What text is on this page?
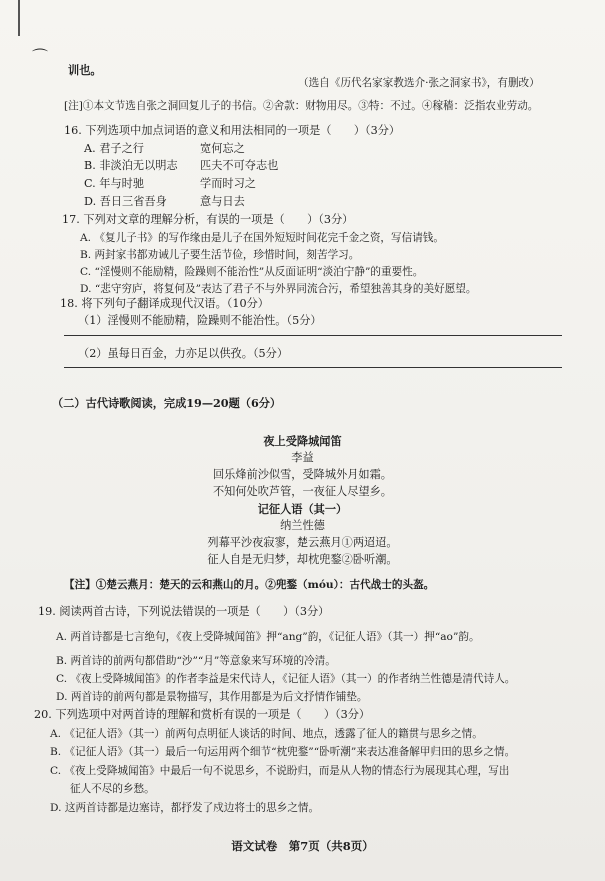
⌒
训也。
（选自《历代名家家教选介·张之洞家书》，有删改）
[注]①本文节选自张之洞回复儿子的书信。②舍款：财物用尽。③特：不过。④稼穑：泛指农业劳动。
16. 下列选项中加点词语的意义和用法相同的一项是（　　）（3分）
A. 君子之行	宽何忘之
B. 非淡泊无以明志 匹夫不可夺志也
C. 年与时驰	学而时习之
D. 吾日三省吾身	意与日去
17. 下列对文章的理解分析，有误的一项是（　　）（3分）
A. 《复儿子书》的写作缘由是儿子在国外短短时间花完千金之资，写信请钱。
B. 两封家书都劝诫儿子要生活节俭，珍惜时间，刻苦学习。
C. “淫慢则不能励精，险躁则不能治性”从反面证明“淡泊宁静”的重要性。
D. “悲守穷庐，将复何及”表达了君子不与外界同流合污，希望独善其身的美好愿望。
18. 将下列句子翻译成现代汉语。（10分）
（1）淫慢则不能励精，险躁则不能治性。（5分）
（2）虽每日百金，力亦足以供孜。（5分）
（二）古代诗歌阅读，完成19—20题（6分）
夜上受降城闻笛
李益
回乐烽前沙似雪，受降城外月如霜。
不知何处吹芦管，一夜征人尽望乡。
记征人语（其一）
纳兰性德
列幕平沙夜寂寥，楚云燕月①两迢迢。
征人自是无归梦，却枕兜鍪②卧听潮。
【注】①楚云燕月：楚天的云和燕山的月。②兜鍪（móu）：古代战士的头盔。
19. 阅读两首古诗，下列说法错误的一项是（　　）（3分）
A. 两首诗都是七言绝句，《夜上受降城闻笛》押“ang”韵，《记征人语》（其一）押“ao”韵。
B. 两首诗的前两句都借助“沙”“月”等意象来写环境的冷清。
C. 《夜上受降城闻笛》的作者李益是宋代诗人，《记征人语》（其一）的作者纳兰性德是清代诗人。
D. 两首诗的前两句都是景物描写，其作用都是为后文抒情作铺垫。
20. 下列选项中对两首诗的理解和赏析有误的一项是（　　）（3分）
A. 《记征人语》（其一）前两句点明征人谈话的时间、地点，透露了征人的籍贯与思乡之情。
B. 《记征人语》（其一）最后一句运用两个细节“枕兜鍪”“卧听潮”来表达准备解甲归田的思乡之情。
C. 《夜上受降城闻笛》中最后一句不说思乡，不说盼归，而是从人物的情态行为展现其心理，写出
征人不尽的乡愁。
D. 这两首诗都是边塞诗，都抒发了戍边将士的思乡之情。
语文试卷　第7页（共8页）
